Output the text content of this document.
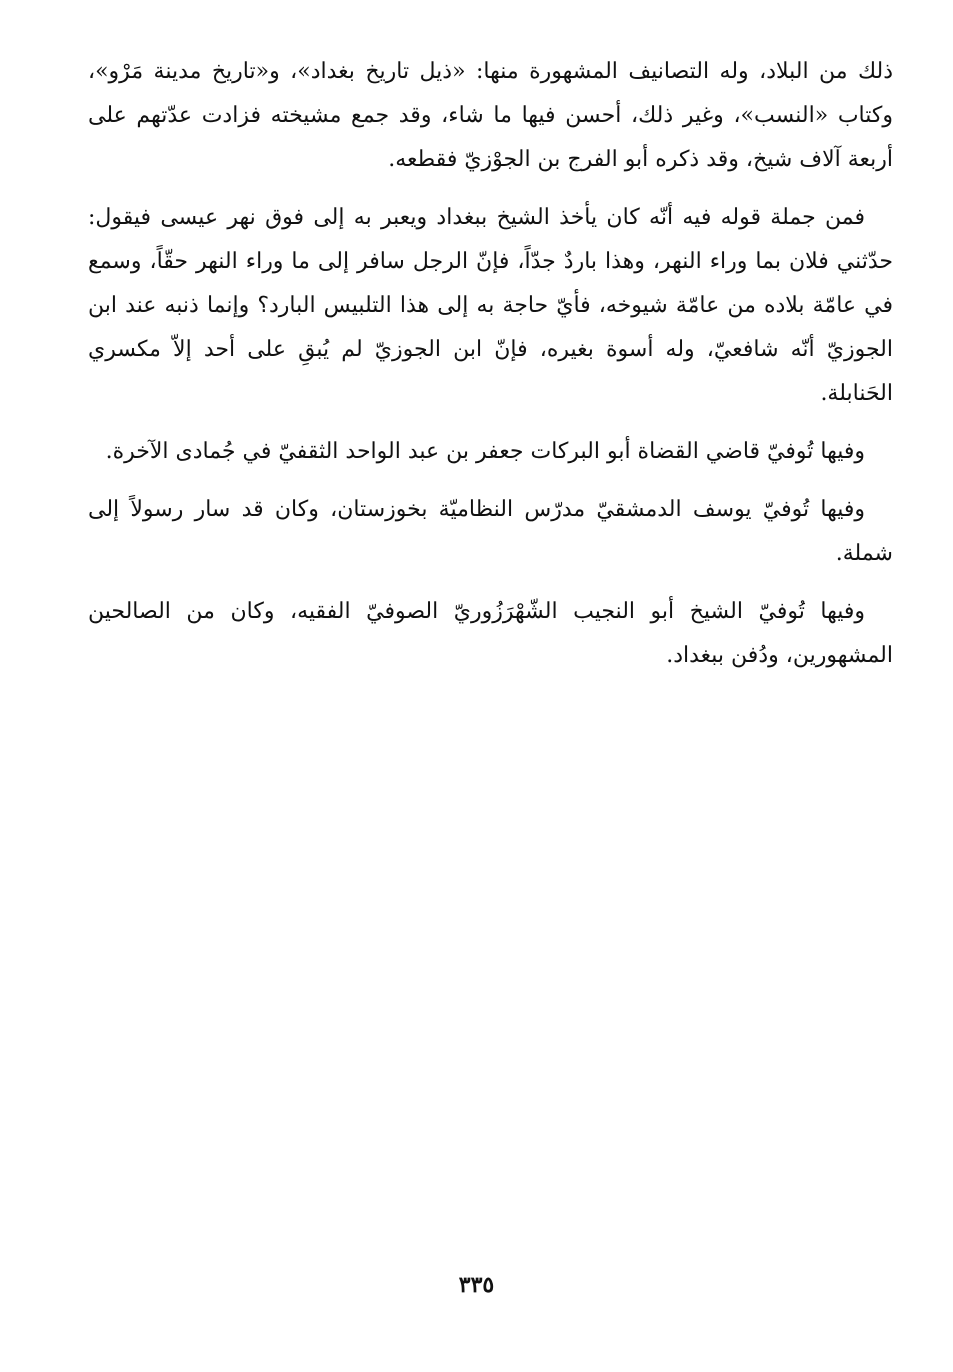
ذلك من البلاد، وله التصانيف المشهورة منها: «ذيل تاريخ بغداد»، و«تاريخ مدينة مَرْو»، وكتاب «النسب»، وغير ذلك، أحسن فيها ما شاء، وقد جمع مشيخته فزادت عدّتهم على أربعة آلاف شيخ، وقد ذكره أبو الفرج بن الجوْزيّ فقطعه.

فمن جملة قوله فيه أنّه كان يأخذ الشيخ ببغداد ويعبر به إلى فوق نهر عيسى فيقول: حدّثني فلان بما وراء النهر، وهذا باردٌ جدّاً، فإنّ الرجل سافر إلى ما وراء النهر حقّاً، وسمع في عامّة بلاده من عامّة شيوخه، فأيّ حاجة به إلى هذا التلبيس البارد؟ وإنما ذنبه عند ابن الجوزيّ أنّه شافعيّ، وله أسوة بغيره، فإنّ ابن الجوزيّ لم يُبقِ على أحد إلاّ مكسري الحَنابلة.

وفيها تُوفيّ قاضي القضاة أبو البركات جعفر بن عبد الواحد الثقفيّ في جُمادى الآخرة.

وفيها تُوفيّ يوسف الدمشقيّ مدرّس النظاميّة بخوزستان، وكان قد سار رسولاً إلى شملة.

وفيها تُوفيّ الشيخ أبو النجيب الشّهْرَزُوريّ الصوفيّ الفقيه، وكان من الصالحين المشهورين، ودُفن ببغداد.

٣٣٥
